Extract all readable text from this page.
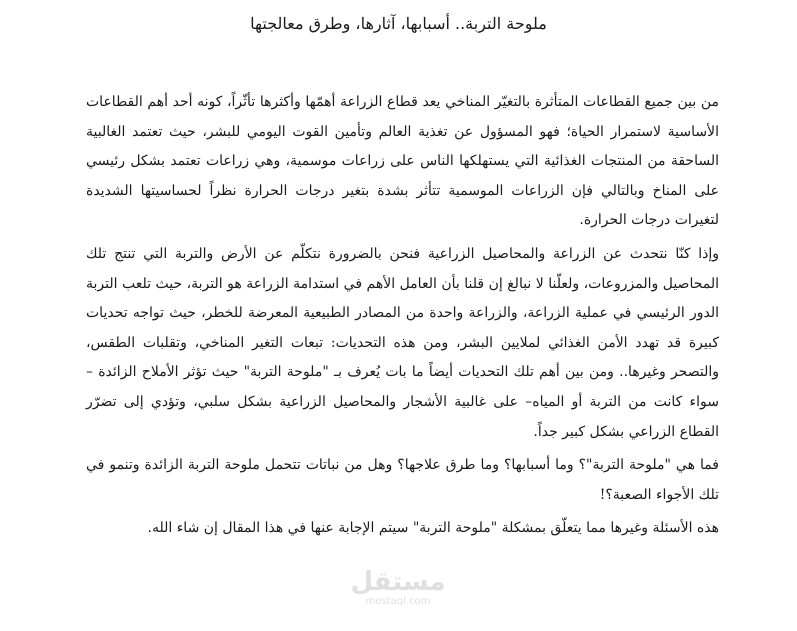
ملوحة التربة.. أسبابها، آثارها، وطرق معالجتها

من بين جميع القطاعات المتأثرة بالتغيّر المناخي يعد قطاع الزراعة أهمّها وأكثرها تأثّراً، كونه أحد أهم القطاعات الأساسية لاستمرار الحياة؛ فهو المسؤول عن تغذية العالم وتأمين القوت اليومي للبشر، حيث تعتمد الغالبية الساحقة من المنتجات الغذائية التي يستهلكها الناس على زراعات موسمية، وهي زراعات تعتمد بشكل رئيسي على المناخ وبالتالي فإن الزراعات الموسمية تتأثر بشدة بتغير درجات الحرارة نظراً لحساسيتها الشديدة لتغيرات درجات الحرارة.

وإذا كنّا نتحدث عن الزراعة والمحاصيل الزراعية فنحن بالضرورة نتكلّم عن الأرض والتربة التي تنتج تلك المحاصيل والمزروعات، ولعلّنا لا نبالغ إن قلنا بأن العامل الأهم في استدامة الزراعة هو التربة، حيث تلعب التربة الدور الرئيسي في عملية الزراعة، والزراعة واحدة من المصادر الطبيعية المعرضة للخطر، حيث تواجه تحديات كبيرة قد تهدد الأمن الغذائي لملايين البشر، ومن هذه التحديات: تبعات التغير المناخي، وتقلبات الطقس، والتصحر وغيرها.. ومن بين أهم تلك التحديات أيضاً ما بات يُعرف بـ "ملوحة التربة" حيث تؤثر الأملاح الزائدة –سواء كانت من التربة أو المياه– على غالبية الأشجار والمحاصيل الزراعية بشكل سلبي، وتؤدي إلى تضرّر القطاع الزراعي بشكل كبير جداً.

فما هي "ملوحة التربة"؟ وما أسبابها؟ وما طرق علاجها؟ وهل من نباتات تتحمل ملوحة التربة الزائدة وتنمو في تلك الأجواء الصعبة؟!

هذه الأسئلة وغيرها مما يتعلّق بمشكلة "ملوحة التربة" سيتم الإجابة عنها في هذا المقال إن شاء الله.

مستقل
mostaql.com
